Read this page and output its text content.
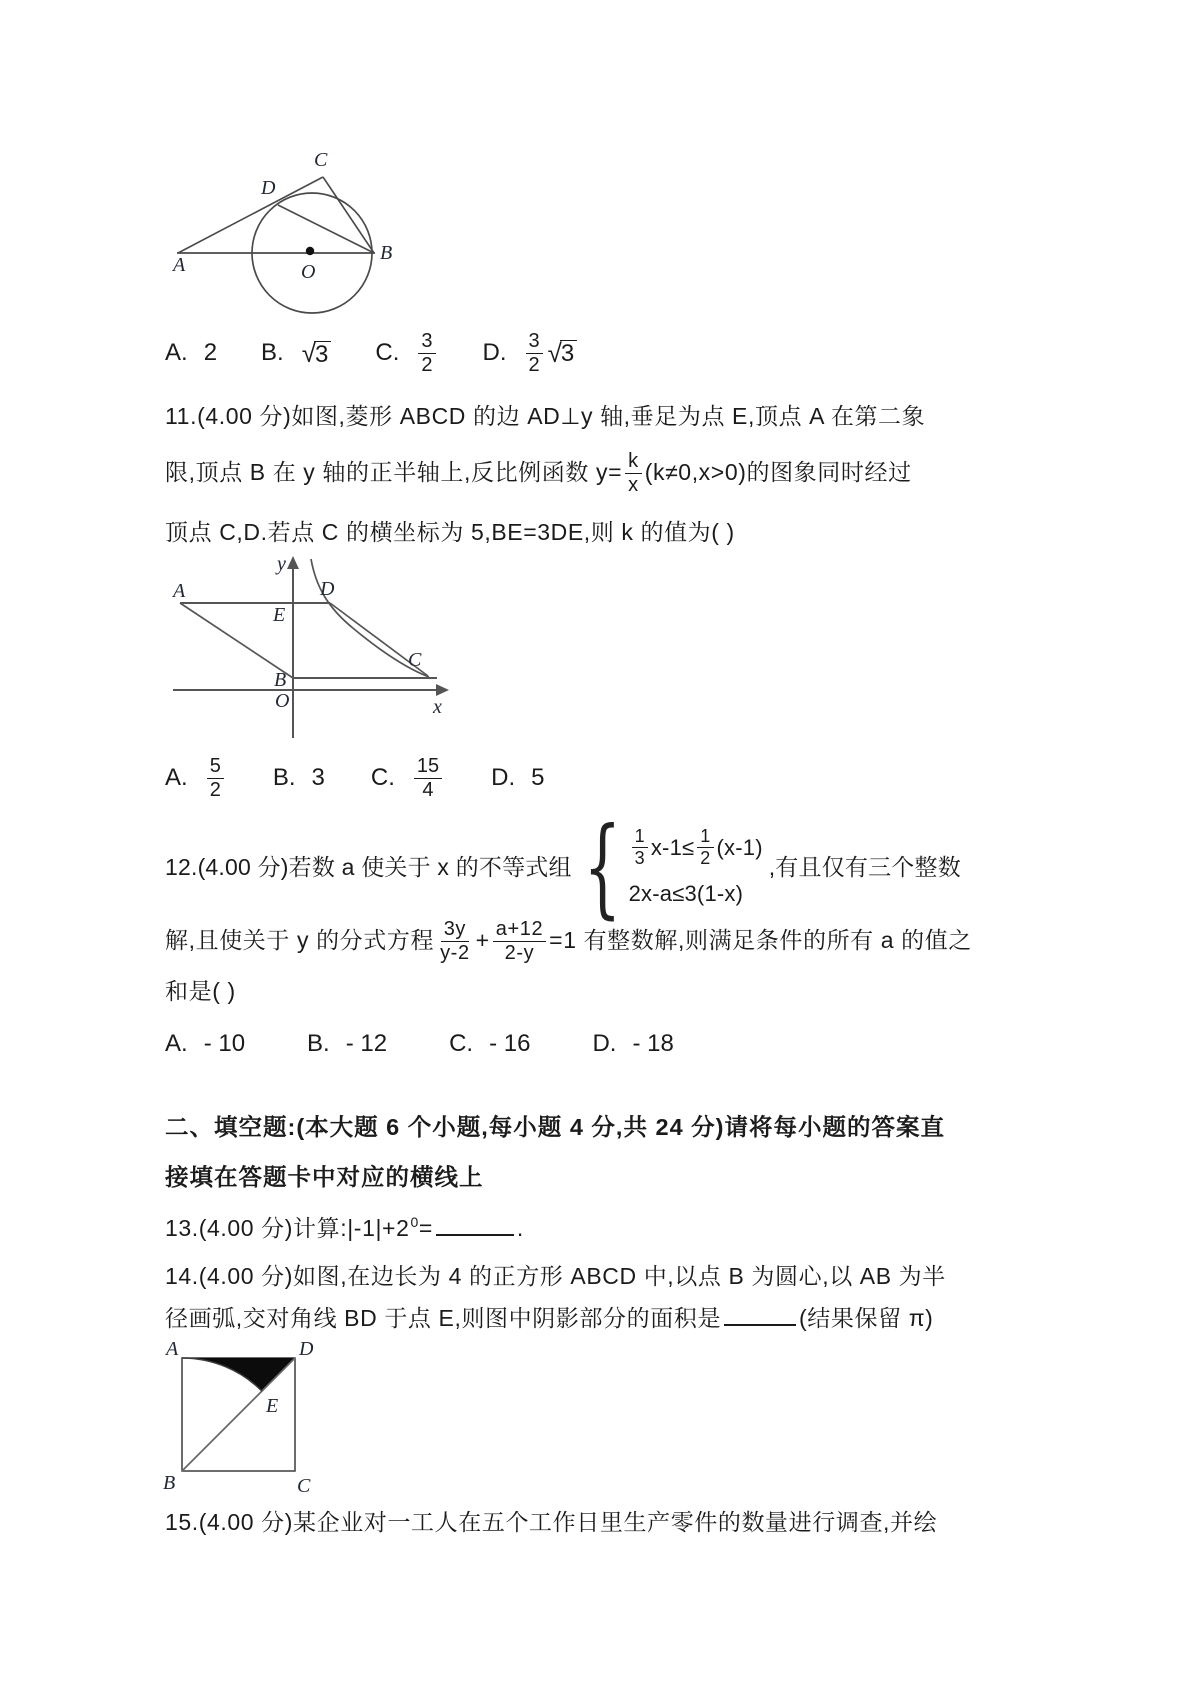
A
B
C
D
O
A. 2 B. √3 C. $\frac{3}{2} D$. $\frac{3}{2}$ √ 3
11.(4.00 分)如图,菱形 ABCD 的边 AD⊥y 轴,垂足为点 E,顶点 A 在第二象
限,顶点 B 在 y 轴的正半轴上,反比例函数 $y= \frac{k}{x} (k\ne 0,x>0)$的图象同时经过
顶点 C,D.若点 C 的横坐标为 5,BE=3DE,则 k 的值为( )
A	D
E
B
C
O
y
x
A. $\frac{5}{2} B$. 3 C. $\frac{15}{4} D$. 5
12.(4.00 分)若数 a 使关于 x 的不等式组 { $\frac{1}{3} x-1\le \frac{1}{2} (x-1)$
2x-a≤3(1-x)
,有且仅有三个整数
解,且使关于 y 的分式方程 $\frac{3y}{y-2} + \frac{a+12}{2-y} =1$ 有整数解,则满足条件的所有 a 的值之
和是( )
A. - 10	B. - 12	C. - 16	D. - 18
二、填空题:(本大题 6 个小题,每小题 4 分,共 24 分)请将每小题的答案直
接填在答题卡中对应的横线上
13.(4.00 分)计算$:|-1|+2^0=$	.
14.(4.00 分)如图,在边长为 4 的正方形 ABCD 中,以点 B 为圆心,以 AB 为半
径画弧,交对角线 BD 于点 E,则图中阴影部分的面积是	(结果保留 π)
A	D
B	C
E
15.(4.00 分)某企业对一工人在五个工作日里生产零件的数量进行调查,并绘
